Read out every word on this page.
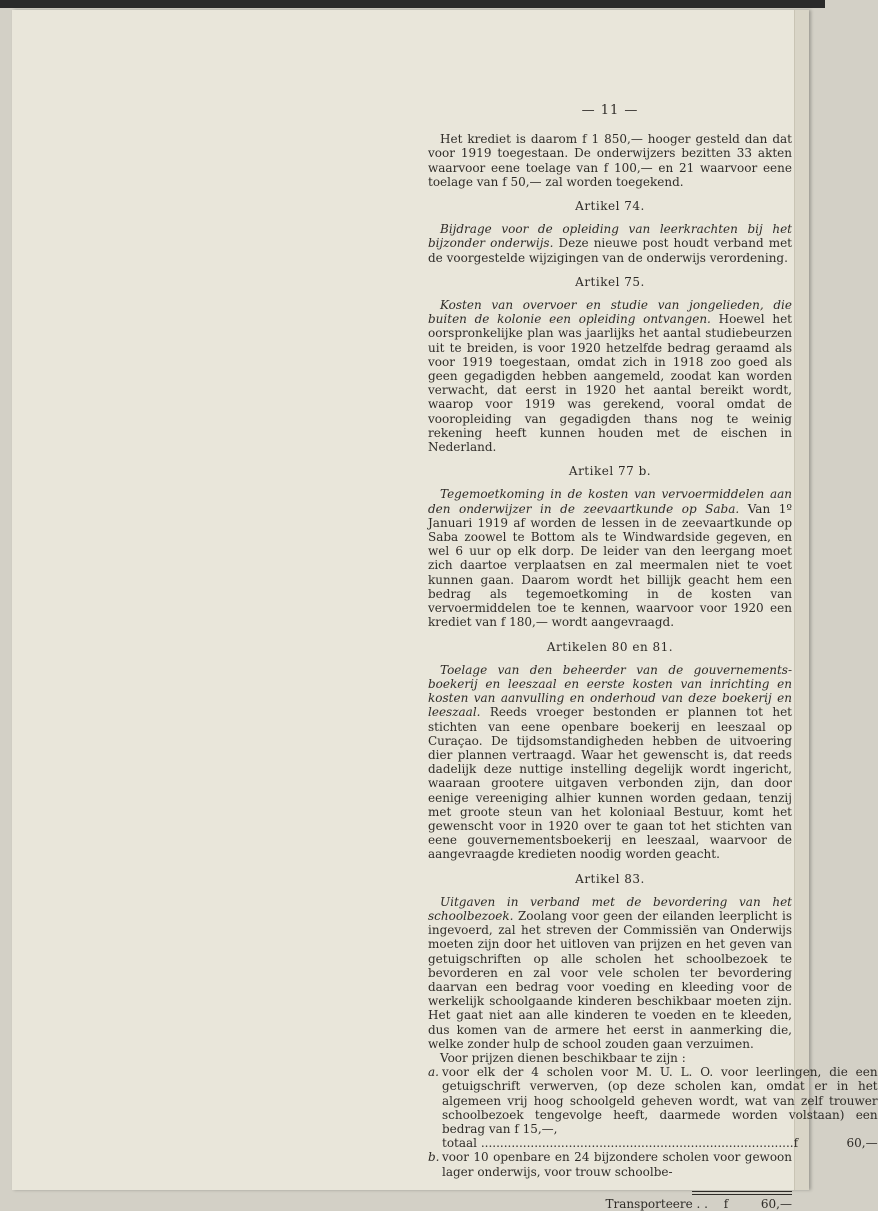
— 11 —

Het krediet is daarom f 1 850,— hooger gesteld dan dat voor 1919 toegestaan. De onderwijzers bezitten 33 akten waarvoor eene toelage van f 100,— en 21 waarvoor eene toelage van f 50,— zal worden toegekend.

Artikel 74.

Bijdrage voor de opleiding van leerkrachten bij het bijzonder onderwijs. Deze nieuwe post houdt verband met de voorgestelde wijzigingen van de onderwijs verordening.

Artikel 75.

Kosten van overvoer en studie van jongelieden, die buiten de kolonie een opleiding ontvangen. Hoewel het oorspronkelijke plan was jaarlijks het aantal studiebeurzen uit te breiden, is voor 1920 hetzelfde bedrag geraamd als voor 1919 toegestaan, omdat zich in 1918 zoo goed als geen gegadigden hebben aangemeld, zoodat kan worden verwacht, dat eerst in 1920 het aantal bereikt wordt, waarop voor 1919 was gerekend, vooral omdat de vooropleiding van gegadigden thans nog te weinig rekening heeft kunnen houden met de eischen in Nederland.

Artikel 77 b.

Tegemoetkoming in de kosten van vervoermiddelen aan den onderwijzer in de zeevaartkunde op Saba. Van 1º Januari 1919 af worden de lessen in de zeevaartkunde op Saba zoowel te Bottom als te Windwardside gegeven, en wel 6 uur op elk dorp. De leider van den leergang moet zich daartoe verplaatsen en zal meermalen niet te voet kunnen gaan. Daarom wordt het billijk geacht hem een bedrag als tegemoetkoming in de kosten van vervoermiddelen toe te kennen, waarvoor voor 1920 een krediet van f 180,— wordt aangevraagd.

Artikelen 80 en 81.

Toelage van den beheerder van de gouvernements-boekerij en leeszaal en eerste kosten van inrichting en kosten van aanvulling en onderhoud van deze boekerij en leeszaal. Reeds vroeger bestonden er plannen tot het stichten van eene openbare boekerij en leeszaal op Curaçao. De tijdsomstandigheden hebben de uitvoering dier plannen vertraagd. Waar het gewenscht is, dat reeds dadelijk deze nuttige instelling degelijk wordt ingericht, waaraan grootere uitgaven verbonden zijn, dan door eenige vereeniging alhier kunnen worden gedaan, tenzij met groote steun van het koloniaal Bestuur, komt het gewenscht voor in 1920 over te gaan tot het stichten van eene gouvernementsboekerij en leeszaal, waarvoor de aangevraagde kredieten noodig worden geacht.

Artikel 83.

Uitgaven in verband met de bevordering van het schoolbezoek. Zoolang voor geen der eilanden leerplicht is ingevoerd, zal het streven der Commissiën van Onderwijs moeten zijn door het uitloven van prijzen en het geven van getuigschriften op alle scholen het schoolbezoek te bevorderen en zal voor vele scholen ter bevordering daarvan een bedrag voor voeding en kleeding voor de werkelijk schoolgaande kinderen beschikbaar moeten zijn. Het gaat niet aan alle kinderen te voeden en te kleeden, dus komen van de armere het eerst in aanmerking die, welke zonder hulp de school zouden gaan verzuimen.

Voor prijzen dienen beschikbaar te zijn :

a. voor elk der 4 scholen voor M. U. L. O. voor leerlingen, die een getuigschrift verwerven, (op deze scholen kan, omdat er in het algemeen vrij hoog schoolgeld geheven wordt, wat van zelf trouwer schoolbezoek tengevolge heeft, daarmede worden volstaan) een bedrag van f 15,—,
totaal .................................................................................. f	60,—
b. voor 10 openbare en 24 bijzondere scholen voor gewoon lager onderwijs, voor trouw schoolbe-
Transporteere . .	f	60,—
